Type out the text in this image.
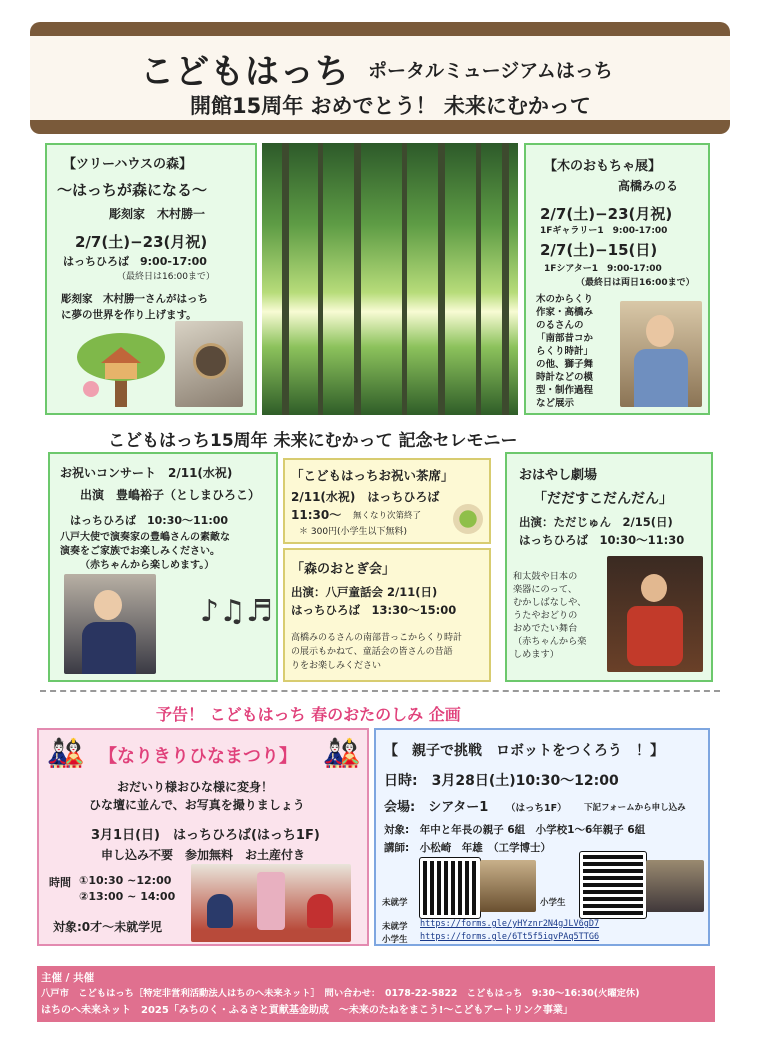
こどもはっち ポータルミュージアムはっち
開館15周年 おめでとう！ 未来にむかって
【ツリーハウスの森】
～はっちが森になる～
彫刻家　木村勝一
2/7(土)−23(月祝)
はっちひろば　9:00-17:00
（最終日は16:00まで）
彫刻家　木村勝一さんがはっち
に夢の世界を作り上げます。
【木のおもちゃ展】
高橋みのる
2/7(土)−23(月祝)
1Fギャラリー1　9:00-17:00
2/7(土)−15(日)
1Fシアター1　9:00-17:00
（最終日は両日16:00まで）
木のからくり
作家・高橋み
のるさんの
「南部昔コか
らくり時計」
の他、獅子舞
時計などの模
型・制作過程
など展示
こどもはっち15周年 未来にむかって 記念セレモニー
お祝いコンサート　2/11(水祝)
出演　豊嶋裕子（としまひろこ）
はっちひろば　10:30〜11:00
八戸大使で演奏家の豊嶋さんの素敵な
演奏をご家族でお楽しみください。
（赤ちゃんから楽しめます。）
♪♫♬
「こどもはっちお祝い茶席」
2/11(水祝)　はっちひろば
11:30〜 無くなり次第終了
＊ 300円(小学生以下無料)
「森のおとぎ会」
出演：八戸童話会 2/11(日)
はっちひろば　13:30〜15:00
高橋みのるさんの南部昔っこからくり時計
の展示もかねて、童話会の皆さんの昔語
りをお楽しみください
おはやし劇場
「だだすこだんだん」
出演：ただじゅん　2/15(日)
はっちひろば　10:30〜11:30
和太鼓や日本の
楽器にのって、
むかしばなしや、
うたやおどりの
おめでたい舞台
（赤ちゃんから楽
しめます）
予告！ こどもはっち 春のおたのしみ 企画
🎎	🎎
【なりきりひなまつり】
おだいり様おひな様に変身！
ひな壇に並んで、お写真を撮りましょう
3月1日(日)　はっちひろば(はっち1F)
申し込み不要　参加無料　お土産付き
時間 ①10:30 ~12:00
②13:00 ~ 14:00
対象:0才〜未就学児
【　親子で挑戦　ロボットをつくろう　！】
日時:　3月28日(土)10:30〜12:00
会場:　シアター1 （はっち1F） 下記フォームから申し込み
対象:　年中と年長の親子 6組　小学校1〜6年親子 6組
講師:　小松崎　年雄　（工学博士）
未就学	小学生
未就学 https://forms.gle/yHYznr2N4gJLV6gD7
小学生 https://forms.gle/6Tt5f5iqvPAq5TTG6
主催 / 共催
八戸市　こどもはっち［特定非営利活動法人はちのへ未来ネット］　問い合わせ：　0178-22-5822　こどもはっち　9:30〜16:30(火曜定休)
はちのへ未来ネット　2025「みちのく・ふるさと貢献基金助成　〜未来のたねをまこう!〜こどもアートリンク事業」
